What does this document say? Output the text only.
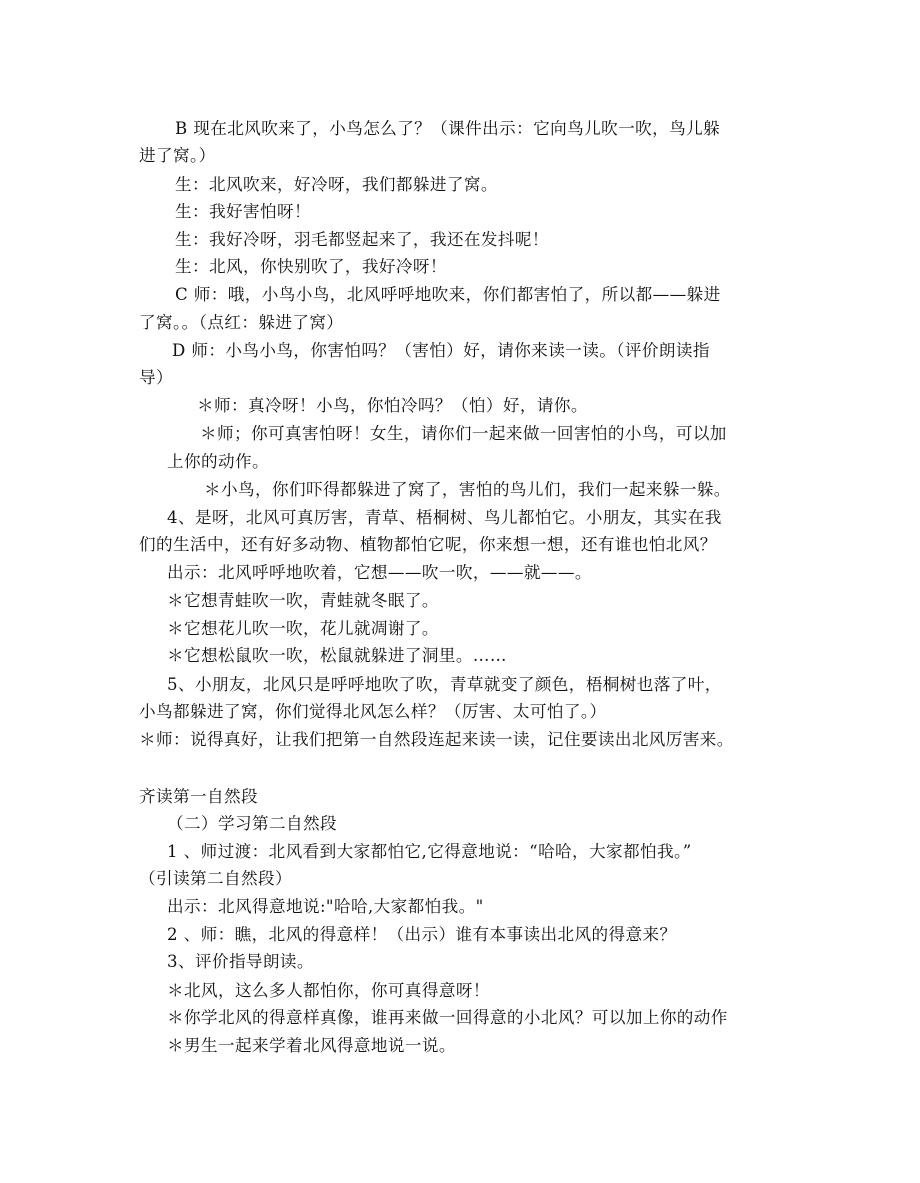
B 现在北风吹来了，小鸟怎么了？（课件出示：它向鸟儿吹一吹，鸟儿躲
进了窝。）
生：北风吹来，好冷呀，我们都躲进了窝。
生：我好害怕呀！
生：我好冷呀，羽毛都竖起来了，我还在发抖呢！
生：北风，你快别吹了，我好冷呀！
C 师：哦，小鸟小鸟，北风呼呼地吹来，你们都害怕了，所以都——躲进
了窝。。（点红：躲进了窝）
D 师：小鸟小鸟，你害怕吗？（害怕）好，请你来读一读。（评价朗读指
导）
＊师：真冷呀！小鸟，你怕冷吗？（怕）好，请你。
＊师；你可真害怕呀！女生，请你们一起来做一回害怕的小鸟，可以加
上你的动作。
＊小鸟，你们吓得都躲进了窝了，害怕的鸟儿们，我们一起来躲一躲。
4、是呀，北风可真厉害，青草、梧桐树、鸟儿都怕它。小朋友，其实在我
们的生活中，还有好多动物、植物都怕它呢，你来想一想，还有谁也怕北风？
出示：北风呼呼地吹着，它想——吹一吹，——就——。
＊它想青蛙吹一吹，青蛙就冬眠了。
＊它想花儿吹一吹，花儿就凋谢了。
＊它想松鼠吹一吹，松鼠就躲进了洞里。……
5、小朋友，北风只是呼呼地吹了吹，青草就变了颜色，梧桐树也落了叶，
小鸟都躲进了窝，你们觉得北风怎么样？（厉害、太可怕了。）
＊师：说得真好，让我们把第一自然段连起来读一读，记住要读出北风厉害来。
齐读第一自然段
（二）学习第二自然段
1 、师过渡：北风看到大家都怕它,它得意地说：“哈哈，大家都怕我。”
（引读第二自然段）
出示：北风得意地说:"哈哈,大家都怕我。"
2 、师：瞧，北风的得意样！（出示）谁有本事读出北风的得意来？
3、评价指导朗读。
＊北风，这么多人都怕你，你可真得意呀！
＊你学北风的得意样真像，谁再来做一回得意的小北风？可以加上你的动作
＊男生一起来学着北风得意地说一说。
